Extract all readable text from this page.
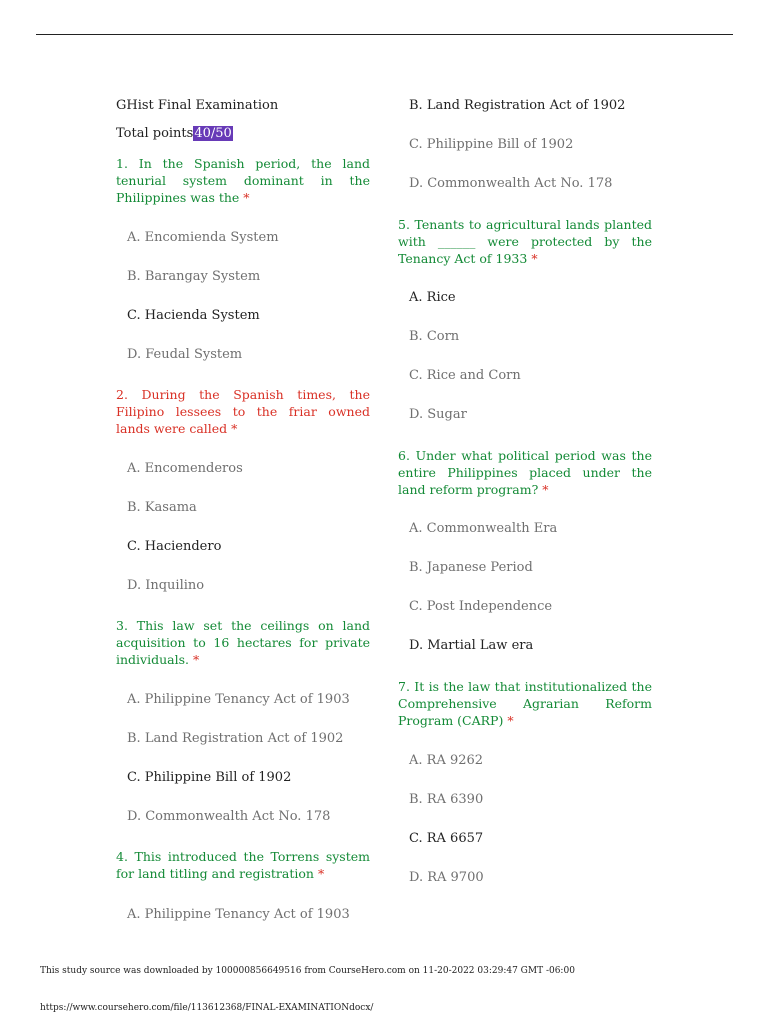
GHist Final Examination
Total points40/50
1. In the Spanish period, the land tenurial system dominant in the Philippines was the *
A. Encomienda System
B. Barangay System
C. Hacienda System
D. Feudal System
2. During the Spanish times, the Filipino lessees to the friar owned lands were called *
A. Encomenderos
B. Kasama
C. Haciendero
D. Inquilino
3. This law set the ceilings on land acquisition to 16 hectares for private individuals. *
A. Philippine Tenancy Act of 1903
B. Land Registration Act of 1902
C. Philippine Bill of 1902
D. Commonwealth Act No. 178
4. This introduced the Torrens system for land titling and registration *
A. Philippine Tenancy Act of 1903
B. Land Registration Act of 1902
C. Philippine Bill of 1902
D. Commonwealth Act No. 178
5. Tenants to agricultural lands planted with ______ were protected by the Tenancy Act of 1933 *
A. Rice
B. Corn
C. Rice and Corn
D. Sugar
6. Under what political period was the entire Philippines placed under the land reform program? *
A. Commonwealth Era
B. Japanese Period
C. Post Independence
D. Martial Law era
7. It is the law that institutionalized the Comprehensive Agrarian Reform Program (CARP) *
A. RA 9262
B. RA 6390
C. RA 6657
D. RA 9700
This study source was downloaded by 100000856649516 from CourseHero.com on 11-20-2022 03:29:47 GMT -06:00
https://www.coursehero.com/file/113612368/FINAL-EXAMINATIONdocx/
